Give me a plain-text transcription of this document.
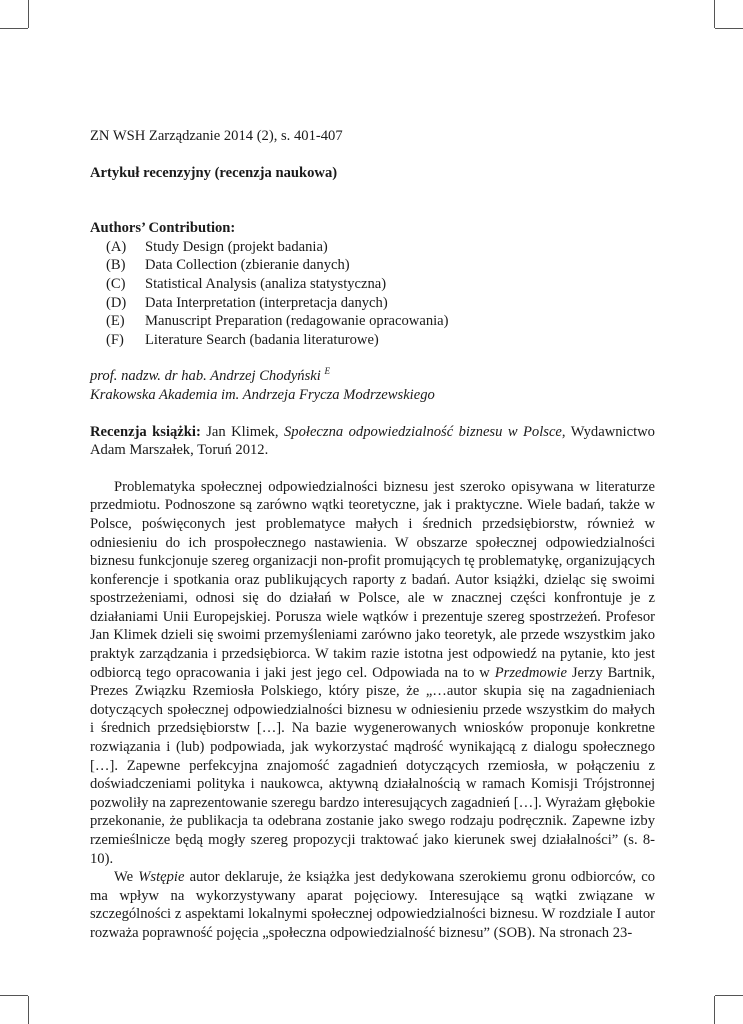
ZN WSH Zarządzanie 2014 (2), s. 401-407

Artykuł recenzyjny (recenzja naukowa)

Authors’ Contribution:

(A)	Study Design (projekt badania)
(B)	Data Collection (zbieranie danych)
(C)	Statistical Analysis (analiza statystyczna)
(D)	Data Interpretation (interpretacja danych)
(E)	Manuscript Preparation (redagowanie opracowania)
(F)	Literature Search (badania literaturowe)

prof. nadzw. dr hab. Andrzej Chodyński $^E$

Krakowska Akademia im. Andrzeja Frycza Modrzewskiego

Recenzja książki: Jan Klimek, Społeczna odpowiedzialność biznesu w Polsce, Wydawnictwo Adam Marszałek, Toruń 2012.

Problematyka społecznej odpowiedzialności biznesu jest szeroko opisywana w literaturze przedmiotu. Podnoszone są zarówno wątki teoretyczne, jak i praktyczne. Wiele badań, także w Polsce, poświęconych jest problematyce małych i średnich przedsiębiorstw, również w odniesieniu do ich prospołecznego nastawienia. W obszarze społecznej odpowiedzialności biznesu funkcjonuje szereg organizacji non-profit promujących tę problematykę, organizujących konferencje i spotkania oraz publikujących raporty z badań. Autor książki, dzieląc się swoimi spostrzeżeniami, odnosi się do działań w Polsce, ale w znacznej części konfrontuje je z działaniami Unii Europejskiej. Porusza wiele wątków i prezentuje szereg spostrzeżeń. Profesor Jan Klimek dzieli się swoimi przemyśleniami zarówno jako teoretyk, ale przede wszystkim jako praktyk zarządzania i przedsiębiorca. W takim razie istotna jest odpowiedź na pytanie, kto jest odbiorcą tego opracowania i jaki jest jego cel. Odpowiada na to w Przedmowie Jerzy Bartnik, Prezes Związku Rzemiosła Polskiego, który pisze, że „…autor skupia się na zagadnieniach dotyczących społecznej odpowiedzialności biznesu w odniesieniu przede wszystkim do małych i średnich przedsiębiorstw […]. Na bazie wygenerowanych wniosków proponuje konkretne rozwiązania i (lub) podpowiada, jak wykorzystać mądrość wynikającą z dialogu społecznego […]. Zapewne perfekcyjna znajomość zagadnień dotyczących rzemiosła, w połączeniu z doświadczeniami polityka i naukowca, aktywną działalnością w ramach Komisji Trójstronnej pozwoliły na zaprezentowanie szeregu bardzo interesujących zagadnień […]. Wyrażam głębokie przekonanie, że publikacja ta odebrana zostanie jako swego rodzaju podręcznik. Zapewne izby rzemieślnicze będą mogły szereg propozycji traktować jako kierunek swej działalności” (s. 8-10).

We Wstępie autor deklaruje, że książka jest dedykowana szerokiemu gronu odbiorców, co ma wpływ na wykorzystywany aparat pojęciowy. Interesujące są wątki związane w szczególności z aspektami lokalnymi społecznej odpowiedzialności biznesu. W rozdziale I autor rozważa poprawność pojęcia „społeczna odpowiedzialność biznesu” (SOB). Na stronach 23-
